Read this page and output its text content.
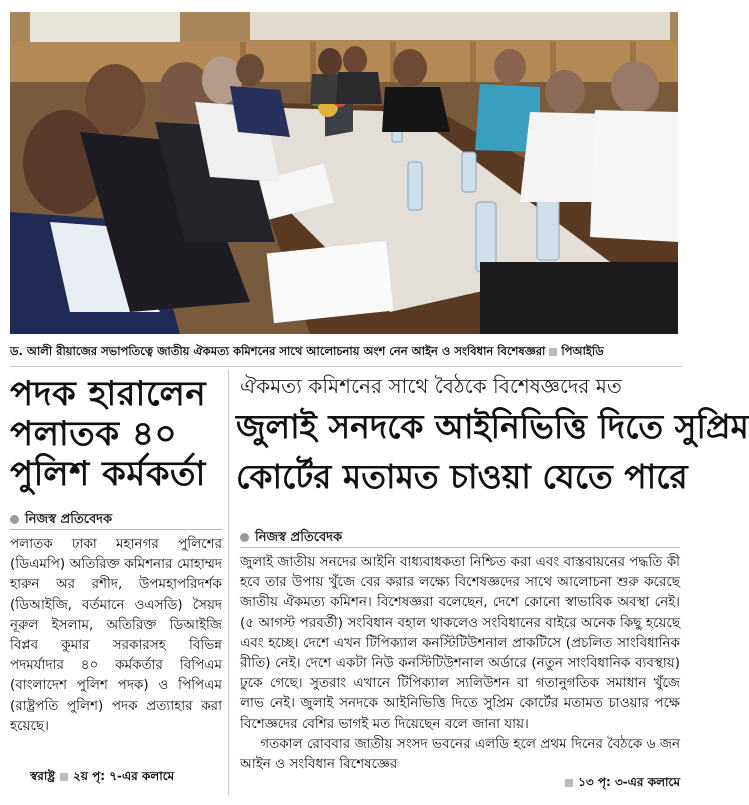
ড. আলী রীয়াজের সভাপতিত্বে জাতীয় ঐকমত্য কমিশনের সাথে আলোচনায় অংশ নেন আইন ও সংবিধান বিশেষজ্ঞরা পিআইডি
পদক হারালেন
পলাতক ৪০
পুলিশ কর্মকর্তা
নিজস্ব প্রতিবেদক
পলাতক ঢাকা মহানগর পুলিশের (ডিএমপি) অতিরিক্ত কমিশনার মোহাম্মদ হারুন অর রশীদ, উপমহাপরিদর্শক (ডিআইজি, বর্তমানে ওএসডি) সৈয়দ নূরুল ইসলাম, অতিরিক্ত ডিআইজি বিপ্লব কুমার সরকারসহ বিভিন্ন পদমর্যাদার ৪০ কর্মকর্তার বিপিএম (বাংলাদেশ পুলিশ পদক) ও পিপিএম (রাষ্ট্রপতি পুলিশ) পদক প্রত্যাহার করা হয়েছে।
স্বরাষ্ট্র ২য় পৃ: ৭-এর কলামে
ঐকমত্য কমিশনের সাথে বৈঠকে বিশেষজ্ঞদের মত
জুলাই সনদকে আইনিভিত্তি দিতে সুপ্রিম
কোর্টের মতামত চাওয়া যেতে পারে
নিজস্ব প্রতিবেদক

জুলাই জাতীয় সনদের আইনি বাধ্যবাধকতা নিশ্চিত করা এবং বাস্তবায়নের পদ্ধতি কী হবে তার উপায় খুঁজে বের করার লক্ষ্যে বিশেষজ্ঞদের সাথে আলোচনা শুরু করেছে জাতীয় ঐকমত্য কমিশন। বিশেষজ্ঞরা বলেছেন, দেশে কোনো স্বাভাবিক অবস্থা নেই। (৫ আগস্ট পরবর্তী) সংবিধান বহাল থাকলেও সংবিধানের বাইরে অনেক কিছু হয়েছে এবং হচ্ছে। দেশে এখন টিপিক্যাল কনস্টিটিউশনাল প্রাকটিসে (প্রচলিত সাংবিধানিক রীতি) নেই। দেশে একটা নিউ কনস্টিটিউশনাল অর্ডারে (নতুন সাংবিধানিক ব্যবস্থায়) ঢুকে গেছে। সুতরাং এখানে টিপিক্যাল স্যলিউশন বা গতানুগতিক সমাধান খুঁজে লাভ নেই। জুলাই সনদকে আইনিভিত্তি দিতে সুপ্রিম কোর্টের মতামত চাওয়ার পক্ষে বিশেজ্ঞদের বেশির ভাগই মত দিয়েছেন বলে জানা যায়।

গতকাল রোববার জাতীয় সংসদ ভবনের এলডি হলে প্রথম দিনের বৈঠকে ৬ জন আইন ও সংবিধান বিশেষজ্ঞের

১৩ পৃ: ৩-এর কলামে
